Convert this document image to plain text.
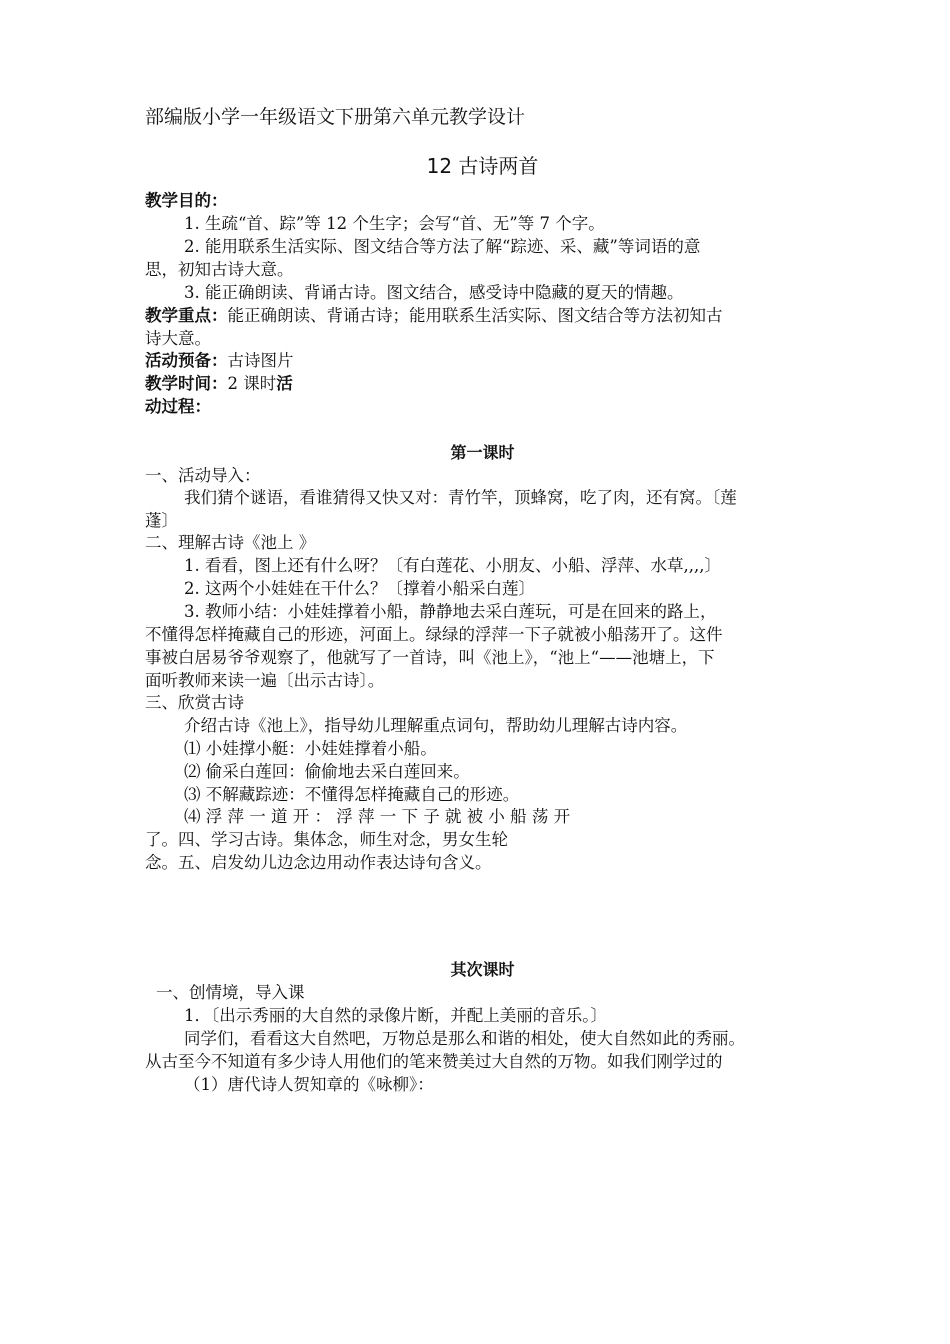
部编版小学一年级语文下册第六单元教学设计
12 古诗两首
教学目的：
1. 生疏“首、踪”等 12 个生字；会写“首、无”等 7 个字。
2. 能用联系生活实际、图文结合等方法了解“踪迹、采、藏”等词语的意
思，初知古诗大意。
3. 能正确朗读、背诵古诗。图文结合，感受诗中隐藏的夏天的情趣。
教学重点：能正确朗读、背诵古诗；能用联系生活实际、图文结合等方法初知古
诗大意。
活动预备：古诗图片
教学时间：2 课时活
动过程：
第一课时
一、活动导入：
我们猜个谜语，看谁猜得又快又对：青竹竿，顶蜂窝，吃了肉，还有窝。〔莲
蓬〕
二、理解古诗《池上 》
1. 看看，图上还有什么呀？〔有白莲花、小朋友、小船、浮萍、水草,,,,〕
2. 这两个小娃娃在干什么？〔撑着小船采白莲〕
3. 教师小结：小娃娃撑着小船，静静地去采白莲玩，可是在回来的路上，
不懂得怎样掩藏自己的形迹，河面上。绿绿的浮萍一下子就被小船荡开了。这件
事被白居易爷爷观察了，他就写了一首诗，叫《池上》，“池上“——池塘上，下
面听教师来读一遍〔出示古诗〕。
三、欣赏古诗
介绍古诗《池上》，指导幼儿理解重点词句，帮助幼儿理解古诗内容。
⑴ 小娃撑小艇：小娃娃撑着小船。
⑵ 偷采白莲回：偷偷地去采白莲回来。
⑶ 不解藏踪迹：不懂得怎样掩藏自己的形迹。
⑷ 浮 萍 一 道 开 ： 浮 萍 一 下 子 就 被 小 船 荡 开
了。四、学习古诗。集体念，师生对念，男女生轮
念。五、启发幼儿边念边用动作表达诗句含义。
其次课时
一、创情境，导入课
1．〔出示秀丽的大自然的录像片断，并配上美丽的音乐。〕
同学们，看看这大自然吧，万物总是那么和谐的相处，使大自然如此的秀丽。
从古至今不知道有多少诗人用他们的笔来赞美过大自然的万物。如我们刚学过的
（1）唐代诗人贺知章的《咏柳》：
